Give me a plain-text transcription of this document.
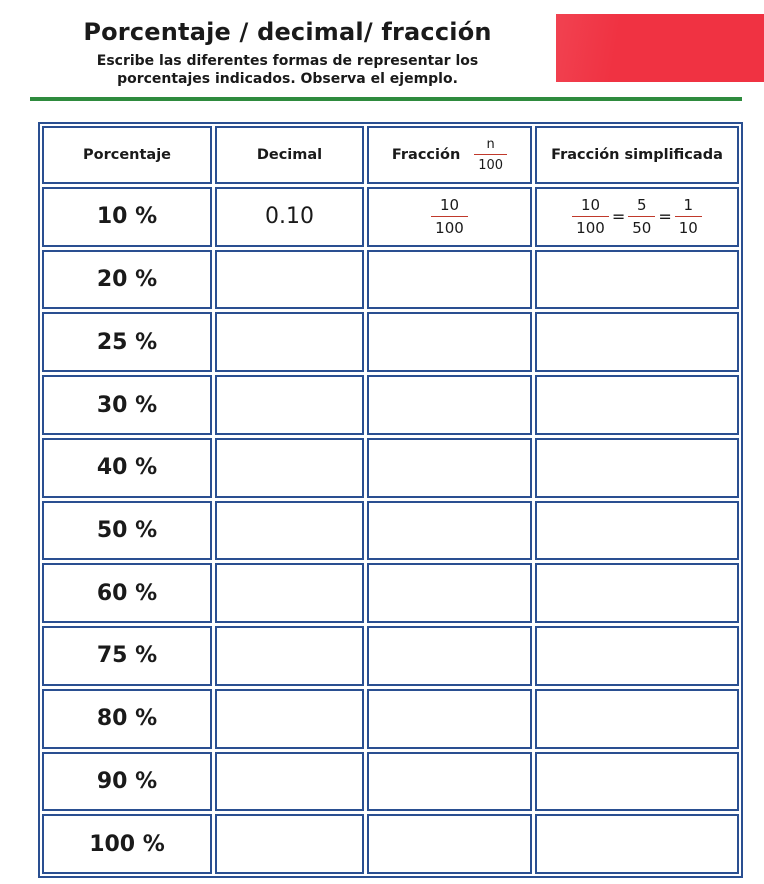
Porcentaje / decimal/ fracción
Escribe las diferentes formas de representar los
porcentajes indicados. Observa el ejemplo.
Porcentaje	Decimal	Fracción $\frac{n}{100}$	Fracción simplificada
10 %	0.10	$\frac{10}{100}$	$\frac{10}{100} = \frac{5}{50} = \frac{1}{10}$
20 %
25 %
30 %
40 %
50 %
60 %
75 %
80 %
90 %
100 %
